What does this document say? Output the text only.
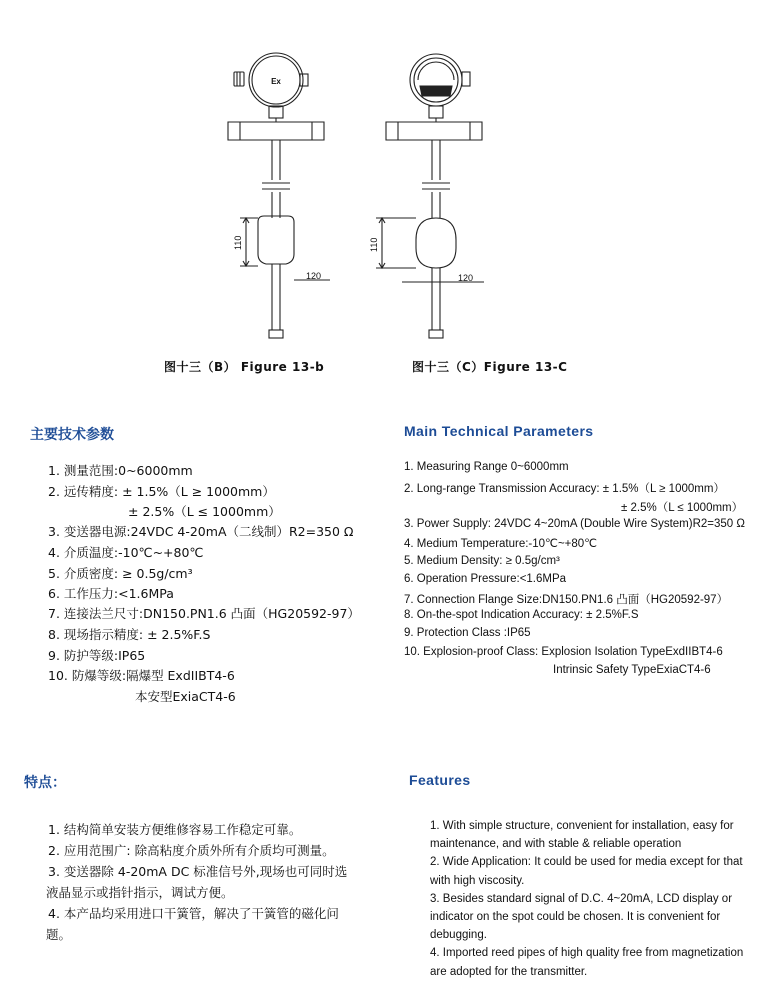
Ex
110
120
图十三（B） Figure 13-b
110
120
图十三（C）Figure 13-C
主要技术参数
1. 测量范围:0~6000mm
2. 远传精度: ± 1.5%（L ≥ 1000mm）
± 2.5%（L ≤ 1000mm）
3. 变送器电源:24VDC 4-20mA（二线制）R2=350 Ω
4. 介质温度:-10℃~+80℃
5. 介质密度: ≥ 0.5g/cm³
6. 工作压力:<1.6MPa
7. 连接法兰尺寸:DN150.PN1.6 凸面（HG20592-97）
8. 现场指示精度: ± 2.5%F.S
9. 防护等级:IP65
10. 防爆等级:隔爆型 ExdIIBT4-6
本安型ExiaCT4-6
Main Technical Parameters
1. Measuring Range 0~6000mm
2. Long-range Transmission Accuracy: ± 1.5%（L ≥ 1000mm）
± 2.5%（L ≤ 1000mm）
3. Power Supply: 24VDC 4~20mA (Double Wire System)R2=350 Ω
4. Medium Temperature:-10℃~+80℃
5. Medium Density: ≥ 0.5g/cm³
6. Operation Pressure:<1.6MPa
7. Connection Flange Size:DN150.PN1.6 凸面（HG20592-97）
8. On-the-spot Indication Accuracy: ± 2.5%F.S
9. Protection Class :IP65
10. Explosion-proof Class: Explosion Isolation TypeExdIIBT4-6
Intrinsic Safety TypeExiaCT4-6
特点：
1. 结构简单安装方便维修容易工作稳定可靠。
2. 应用范围广: 除高粘度介质外所有介质均可测量。
3. 变送器除 4-20mA DC 标准信号外,现场也可同时选
液晶显示或指针指示，调试方便。
4. 本产品均采用进口干簧管，解决了干簧管的磁化问
题。
Features
1. With simple structure, convenient for installation, easy for
maintenance, and with stable & reliable operation
2. Wide Application: It could be used for media except for that
with high viscosity.
3. Besides standard signal of D.C. 4~20mA, LCD display or
indicator on the spot could be chosen. It is convenient for
debugging.
4. Imported reed pipes of high quality free from magnetization
are adopted for the transmitter.
